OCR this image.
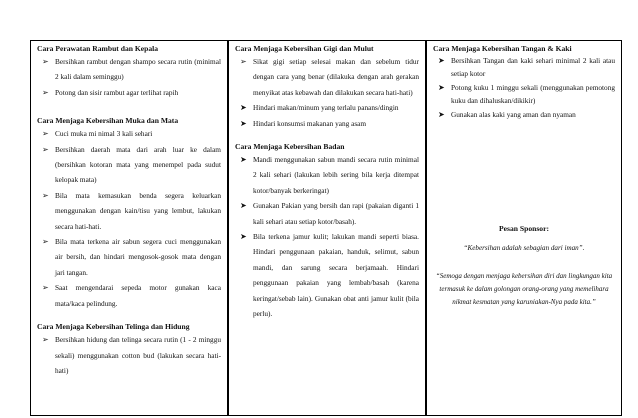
Cara Perawatan Rambut dan Kepala

➢ Bersihkan rambut dengan shampo secara rutin (minimal 2 kali dalam seminggu)
➢ Potong dan sisir rambut agar terlihat rapih

Cara Menjaga Kebersihan Muka dan Mata

➢ Cuci muka mi nimal 3 kali sehari
➢ Bersihkan daerah mata dari arah luar ke dalam (bersihkan kotoran mata yang menempel pada sudut kelopak mata)
➢ Bila mata kemasukan benda segera keluarkan menggunakan dengan kain/tisu yang lembut, lakukan secara hati-hati.
➢ Bila mata terkena air sabun segera cuci menggunakan air bersih, dan hindari mengosok-gosok mata dengan jari tangan.
➢ Saat mengendarai sepeda motor gunakan kaca mata/kaca pelindung.

Cara Menjaga Kebersihan Telinga dan Hidung

➢ Bersihkan hidung dan telinga secara rutin (1 - 2 minggu sekali) menggunakan cotton bud (lakukan secara hati-hati)

Cara Menjaga Kebersihan Gigi dan Mulut

➢ Sikat gigi setiap selesai makan dan sebelum tidur dengan cara yang benar (dilakuka dengan arah gerakan menyikat atas kebawah dan dilakukan secara hati-hati)
➤ Hindari makan/minum yang terlalu panans/dingin
➤ Hindari konsumsi makanan yang asam

Cara Menjaga Kebersihan Badan

➤ Mandi menggunakan sabun mandi secara rutin minimal 2 kali sehari (lakukan lebih sering bila kerja ditempat kotor/banyak berkeringat)
➤ Gunakan Pakian yang bersih dan rapi (pakaian diganti 1 kali sehari atau setiap kotor/basah).
➤ Bila terkena jamur kulit; lakukan mandi seperti biasa. Hindari penggunaan pakaian, handuk, selimut, sabun mandi, dan sarung secara berjamaah. Hindari penggunaan pakaian yang lembab/basah (karena keringat/sebab lain). Gunakan obat anti jamur kulit (bila perlu).

Cara Menjaga Kebersihan Tangan & Kaki

➤ Bersihkan Tangan dan kaki sehari minimal 2 kali atau setiap kotor
➤ Potong kuku 1 minggu sekali (menggunakan pemotong kuku dan dihaluskan/dikikir)
➤ Gunakan alas kaki yang aman dan nyaman

Pesan Sponsor:

“Kebersihan adalah sebagian dari iman”.

“Semoga dengan menjaga kebersihan diri dan lingkungan kita termasuk ke dalam golongan orang-orang yang memelihara nikmat kesmatan yang karuniakan-Nya pada kita.”
